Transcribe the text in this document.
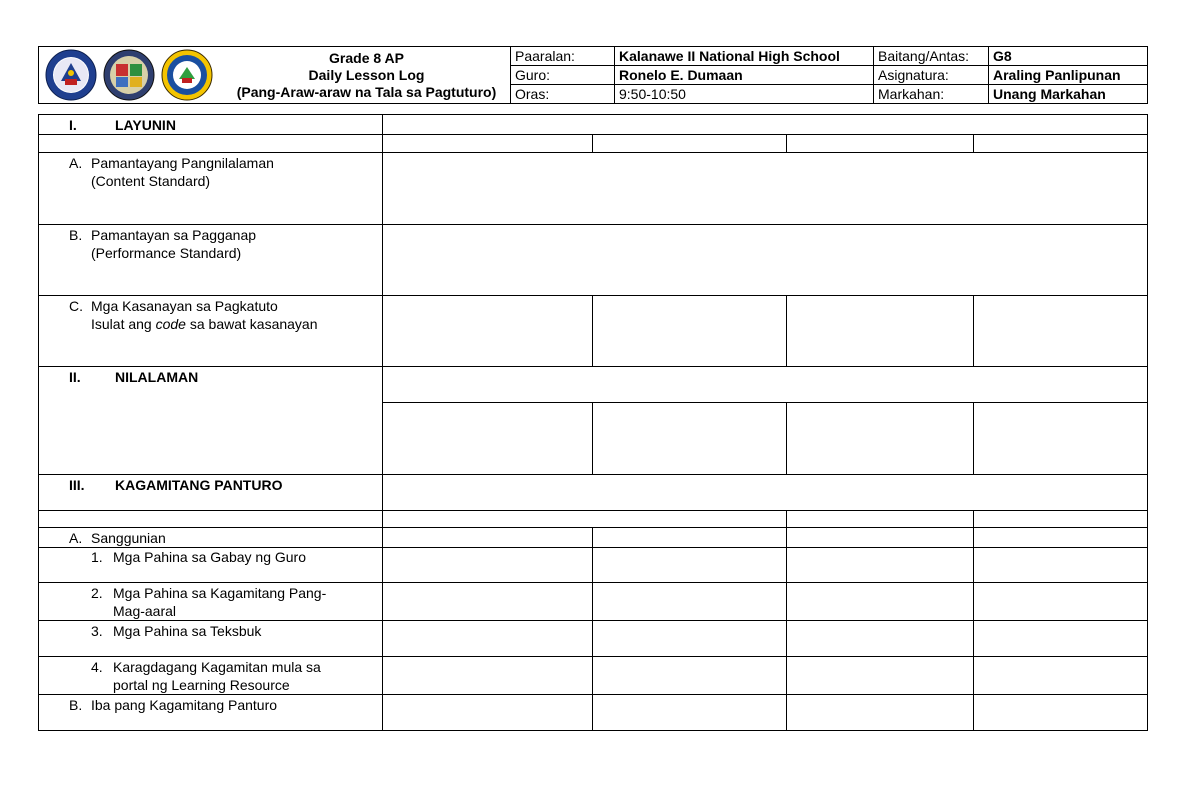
Grade 8 AP
Daily Lesson Log
(Pang-Araw-araw na Tala sa Pagtuturo)	Paaralan:	Kalanawe II National High School	Baitang/Antas:	G8
	Guro:	Ronelo E. Dumaan	Asignatura:	Araling Panlipunan
	Oras:	9:50-10:50	Markahan:	Unang Markahan
I. LAYUNIN				

A. Pamantayang Pangnilalaman
(Content Standard)				

B. Pamantayan sa Pagganap
(Performance Standard)				

C. Mga Kasanayan sa Pagkatuto
Isulat ang code sa bawat kasanayan				

II. NILALAMAN				

III. KAGAMITANG PANTURO				

A. Sanggunian				

1. Mga Pahina sa Gabay ng Guro				

2. Mga Pahina sa Kagamitang Pang-
Mag-aaral				

3. Mga Pahina sa Teksbuk				

4. Karagdagang Kagamitan mula sa
portal ng Learning Resource				

B. Iba pang Kagamitang Panturo				
